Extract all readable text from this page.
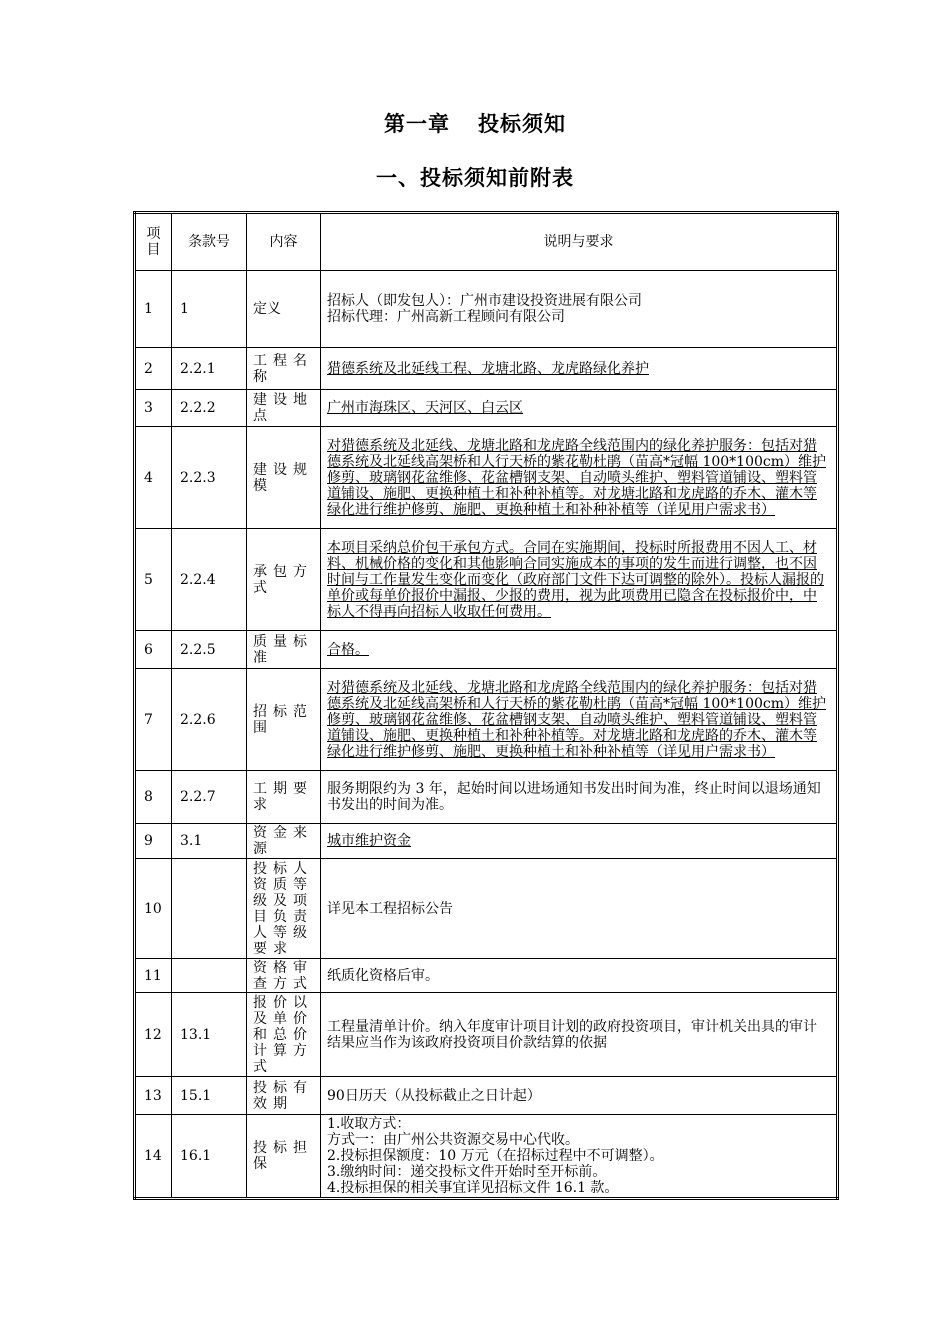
第一章 投标须知
一、投标须知前附表
项目	条款号	内容	说明与要求
1	1	定义	招标人（即发包人）：广州市建设投资进展有限公司
招标代理：广州高新工程顾问有限公司

2	2.2.1	工程名称	猎德系统及北延线工程、龙塘北路、龙虎路绿化养护
3	2.2.2	建设地点	广州市海珠区、天河区、白云区
4	2.2.3	建设规模	对猎德系统及北延线、龙塘北路和龙虎路全线范围内的绿化养护服务：包括对猎德系统及北延线高架桥和人行天桥的紫花勒杜鹃（苗高*冠幅 100*100cm）维护修剪、玻璃钢花盆维修、花盆槽钢支架、自动喷头维护、塑料管道铺设、塑料管道铺设、施肥、更换种植土和补种补植等。对龙塘北路和龙虎路的乔木、灌木等绿化进行维护修剪、施肥、更换种植土和补种补植等（详见用户需求书）
5	2.2.4	承包方式	本项目采纳总价包干承包方式。合同在实施期间，投标时所报费用不因人工、材料、机械价格的变化和其他影响合同实施成本的事项的发生而进行调整，也不因时间与工作量发生变化而变化（政府部门文件下达可调整的除外）。投标人漏报的单价或每单价报价中漏报、少报的费用，视为此项费用已隐含在投标报价中，中标人不得再向招标人收取任何费用。
6	2.2.5	质量标准	合格。
7	2.2.6	招标范围	对猎德系统及北延线、龙塘北路和龙虎路全线范围内的绿化养护服务：包括对猎德系统及北延线高架桥和人行天桥的紫花勒杜鹃（苗高*冠幅 100*100cm）维护修剪、玻璃钢花盆维修、花盆槽钢支架、自动喷头维护、塑料管道铺设、塑料管道铺设、施肥、更换种植土和补种补植等。对龙塘北路和龙虎路的乔木、灌木等绿化进行维护修剪、施肥、更换种植土和补种补植等（详见用户需求书）
8	2.2.7	工期要求	服务期限约为 3 年，起始时间以进场通知书发出时间为准，终止时间以退场通知书发出的时间为准。
9	3.1	资金来源	城市维护资金
10		投标人资质等级及项目负责人等级要求	详见本工程招标公告
11		资格审查方式	纸质化资格后审。
12	13.1	报价以及单价和总价计算方式	工程量清单计价。纳入年度审计项目计划的政府投资项目，审计机关出具的审计结果应当作为该政府投资项目价款结算的依据
13	15.1	投标有效期	90日历天（从投标截止之日计起）
14	16.1	投标担保	1.收取方式：
方式一：由广州公共资源交易中心代收。
2.投标担保额度：10 万元（在招标过程中不可调整）。
3.缴纳时间：递交投标文件开始时至开标前。
4.投标担保的相关事宜详见招标文件 16.1 款。
